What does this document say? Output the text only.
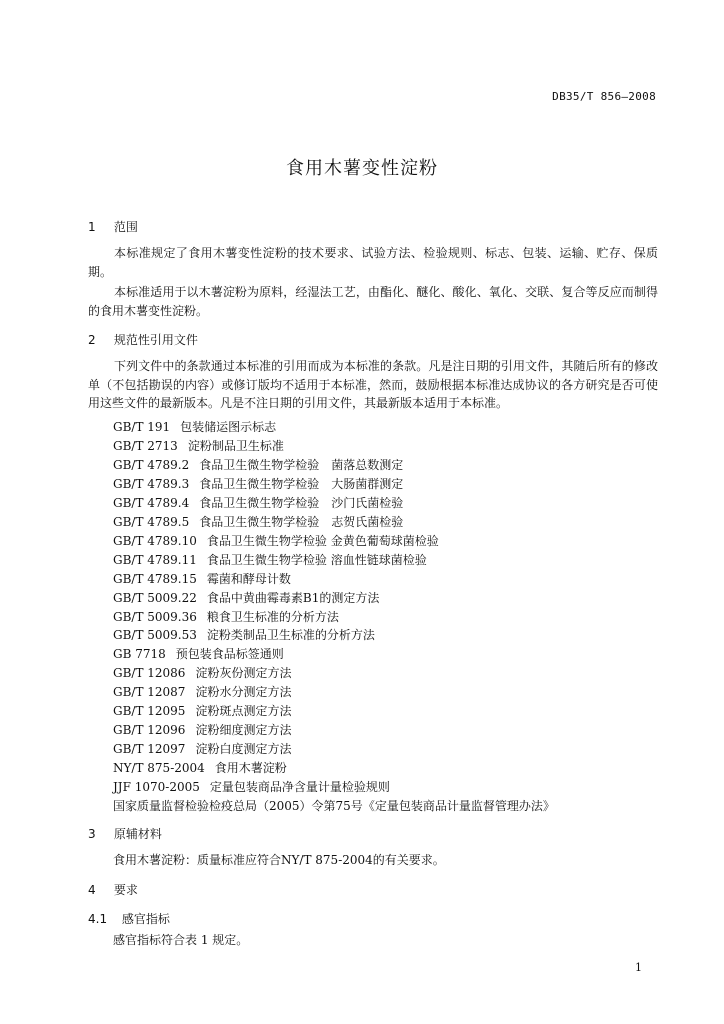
DB35/T 856—2008
食用木薯变性淀粉
1 范围
本标准规定了食用木薯变性淀粉的技术要求、试验方法、检验规则、标志、包装、运输、贮存、保质期。
本标准适用于以木薯淀粉为原料，经湿法工艺，由酯化、醚化、酸化、氧化、交联、复合等反应而制得的食用木薯变性淀粉。
2 规范性引用文件
下列文件中的条款通过本标准的引用而成为本标准的条款。凡是注日期的引用文件，其随后所有的修改单（不包括勘误的内容）或修订版均不适用于本标准，然而，鼓励根据本标准达成协议的各方研究是否可使用这些文件的最新版本。凡是不注日期的引用文件，其最新版本适用于本标准。
GB/T 191 包装储运图示标志
GB/T 2713 淀粉制品卫生标准
GB/T 4789.2 食品卫生微生物学检验　菌落总数测定
GB/T 4789.3 食品卫生微生物学检验　大肠菌群测定
GB/T 4789.4 食品卫生微生物学检验　沙门氏菌检验
GB/T 4789.5 食品卫生微生物学检验　志贺氏菌检验
GB/T 4789.10 食品卫生微生物学检验 金黄色葡萄球菌检验
GB/T 4789.11 食品卫生微生物学检验 溶血性链球菌检验
GB/T 4789.15 霉菌和酵母计数
GB/T 5009.22 食品中黄曲霉毒素B1的测定方法
GB/T 5009.36 粮食卫生标准的分析方法
GB/T 5009.53 淀粉类制品卫生标准的分析方法
GB 7718 预包装食品标签通则
GB/T 12086 淀粉灰份测定方法
GB/T 12087 淀粉水分测定方法
GB/T 12095 淀粉斑点测定方法
GB/T 12096 淀粉细度测定方法
GB/T 12097 淀粉白度测定方法
NY/T 875-2004 食用木薯淀粉
JJF 1070-2005 定量包装商品净含量计量检验规则
国家质量监督检验检疫总局（2005）令第75号《定量包装商品计量监督管理办法》
3 原辅材料
食用木薯淀粉：质量标准应符合NY/T 875-2004的有关要求。
4 要求
4.1 感官指标
感官指标符合表 1 规定。
1
